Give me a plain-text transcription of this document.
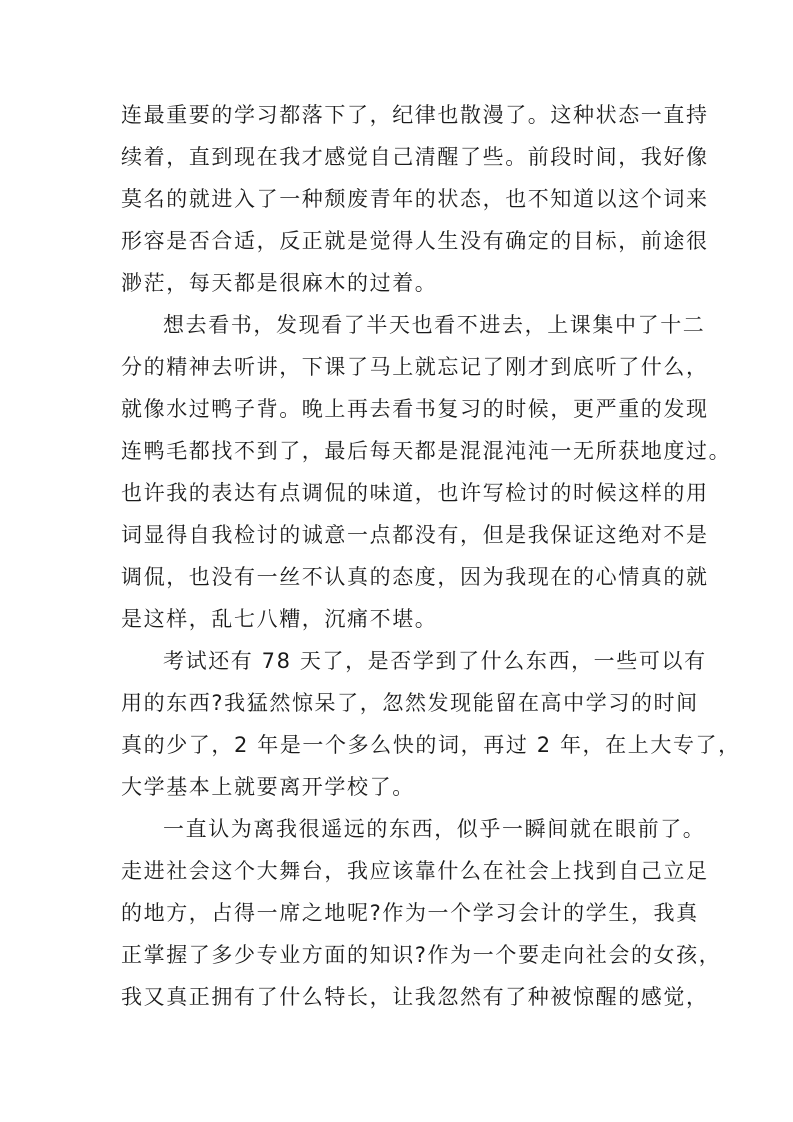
连最重要的学习都落下了，纪律也散漫了。这种状态一直持
续着，直到现在我才感觉自己清醒了些。前段时间，我好像
莫名的就进入了一种颓废青年的状态，也不知道以这个词来
形容是否合适，反正就是觉得人生没有确定的目标，前途很
渺茫，每天都是很麻木的过着。
想去看书，发现看了半天也看不进去，上课集中了十二
分的精神去听讲，下课了马上就忘记了刚才到底听了什么，
就像水过鸭子背。晚上再去看书复习的时候，更严重的发现
连鸭毛都找不到了，最后每天都是混混沌沌一无所获地度过。
也许我的表达有点调侃的味道，也许写检讨的时候这样的用
词显得自我检讨的诚意一点都没有，但是我保证这绝对不是
调侃，也没有一丝不认真的态度，因为我现在的心情真的就
是这样，乱七八糟，沉痛不堪。
考试还有 78 天了，是否学到了什么东西，一些可以有
用的东西?我猛然惊呆了，忽然发现能留在高中学习的时间
真的少了，2 年是一个多么快的词，再过 2 年，在上大专了，
大学基本上就要离开学校了。
一直认为离我很遥远的东西，似乎一瞬间就在眼前了。
走进社会这个大舞台，我应该靠什么在社会上找到自己立足
的地方，占得一席之地呢?作为一个学习会计的学生，我真
正掌握了多少专业方面的知识?作为一个要走向社会的女孩，
我又真正拥有了什么特长，让我忽然有了种被惊醒的感觉，
